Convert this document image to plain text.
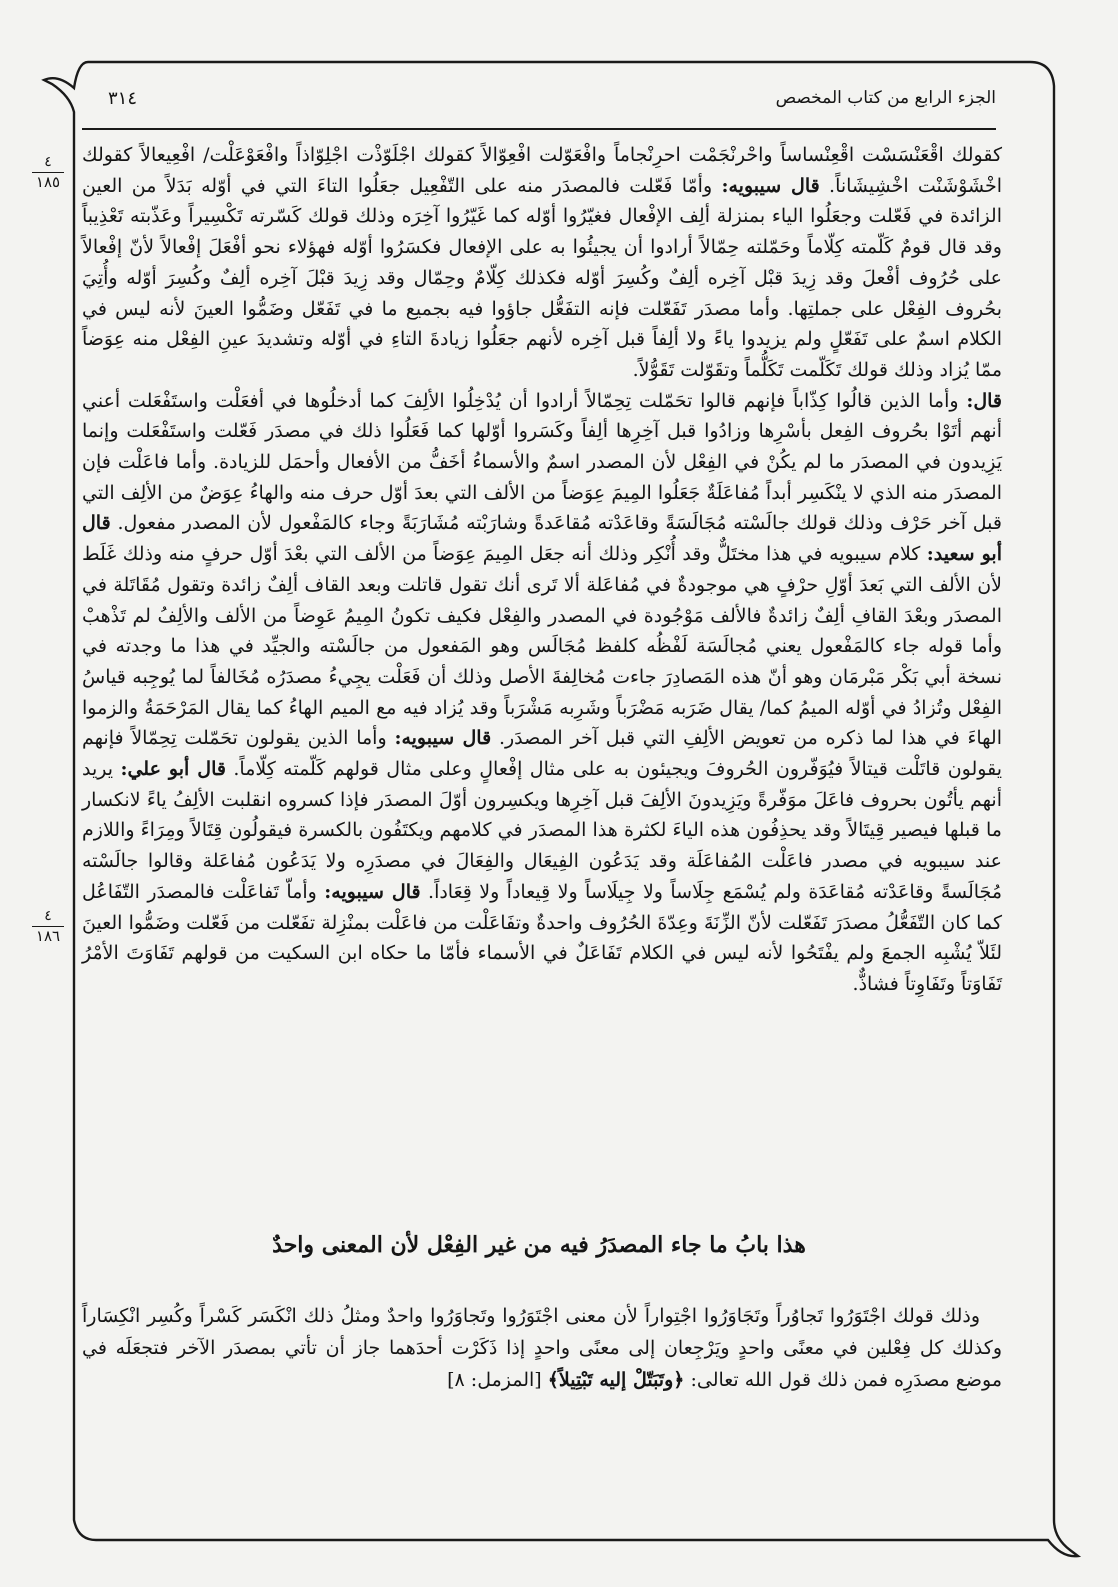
الجزء الرابع من كتاب المخصص
٣١٤
٤
١٨٥
٤
١٨٦

كقولك اقْعَنْسَسْت اقْعِنْساساً واحْرنْجَمْت احرِنْجاماً وافْعَوّلت افْعِوّالاً كقولك اجْلَوّذْت اجْلِوّاذاً وافْعَوْعَلْت/ افْعِيعالاً كقولك اخْشَوْشَنْت اخْشِيشَاناً. قال سيبويه: وأمّا فَعّلت فالمصدَر منه على التّفْعِيل جعَلُوا التاءَ التي في أوّله بَدَلاً من العين الزائدة في فَعّلت وجعَلُوا الياء بمنزلة ألِف الإفْعال فغيّرُوا أوّله كما غَيّرُوا آخِرَه وذلك قولك كَسّرته تَكْسِيراً وعَذّبته تَعْذِيباً وقد قال قومٌ كَلّمته كِلّاماً وحَمّلته حِمّالاً أرادوا أن يجيئُوا به على الإفعال فكسَرُوا أوّله فهؤلاء نحو أفْعَلَ إفْعالاً لأنّ إفْعالاً على حُرُوف أفْعلَ وقد زِيدَ قبْل آخِره ألِفٌ وكُسِرَ أوّله فكذلك كِلّامٌ وحِمّال وقد زِيدَ قبْلَ آخِره ألِفٌ وكُسِرَ أوّله وأُتِيَ بحُروف الفِعْل على جملتِها. وأما مصدَر تَفَعّلت فإنه التفَعُّل جاؤوا فيه بجميع ما في تَفَعّل وضَمُّوا العينَ لأنه ليس في الكلام اسمٌ على تَفَعّلٍ ولم يزيدوا ياءً ولا ألِفاً قبل آخِره لأنهم جعَلُوا زيادةَ التاءِ في أوّله وتشديدَ عينِ الفِعْل منه عِوَضاً ممّا يُزاد وذلك قولك تَكَلّمت تَكَلُّماً وتقَوّلت تَقَوُّلاً.

قال: وأما الذين قالُوا كِذّاباً فإنهم قالوا تحَمّلت تِحِمّالاً أرادوا أن يُدْخِلُوا الألِفَ كما أدخلُوها في أفعَلْت واستَفْعَلت أعني أنهم أتَوْا بحُروف الفِعل بأسْرِها وزادُوا قبل آخِرِها ألِفاً وكَسَروا أوّلها كما فَعَلُوا ذلك في مصدَر فَعّلت واستَفْعَلت وإنما يَزِيدون في المصدَر ما لم يكُنْ في الفِعْل لأن المصدر اسمٌ والأسماءُ أخَفُّ من الأفعال وأحمَل للزيادة. وأما فاعَلْت فإن المصدَر منه الذي لا ينْكَسِر أبداً مُفاعَلَةٌ جَعَلُوا المِيمَ عِوَضاً من الألف التي بعدَ أوّل حرف منه والهاءُ عِوَضٌ من الألِف التي قبل آخر حَرْف وذلك قولك جالَسْته مُجَالَسَةً وقاعَدْته مُقاعَدةً وشارَبْته مُشَارَبَةً وجاء كالمَفْعول لأن المصدر مفعول. قال أبو سعيد: كلام سيبويه في هذا مختَلٌّ وقد أُنْكِر وذلك أنه جعَل المِيمَ عِوَضاً من الألف التي بعْدَ أوّل حرفٍ منه وذلك غَلَط لأن الألف التي بَعدَ أوّلِ حرْفٍ هي موجودةٌ في مُفاعَلة ألا تَرى أنك تقول قاتلت وبعد القاف ألِفٌ زائدة وتقول مُقَاتَلة في المصدَر وبعْدَ القافِ ألِفٌ زائدةٌ فالألف مَوْجُودة في المصدر والفِعْل فكيف تكونُ المِيمُ عَوِضاً من الألف والألِفُ لم تَذْهبْ وأما قوله جاء كالمَفْعول يعني مُجالَسَة لَفْظُه كلفظ مُجَالَس وهو المَفعول من جالَسْته والجيِّد في هذا ما وجدته في نسخة أبي بَكْر مَبْرمَان وهو أنّ هذه المَصادِرَ جاءت مُخالِفةَ الأصل وذلك أن فَعَلْت يجِيءُ مصدَرُه مُخَالفاً لما يُوجِبه قياسُ الفِعْل وتُزادُ في أوّله الميمُ كما/ يقال ضَرَبه مَضْرَباً وشَرِبه مَشْرَباً وقد يُزاد فيه مع الميم الهاءُ كما يقال المَرْحَمَةُ والزموا الهاءَ في هذا لما ذكره من تعويض الألِفِ التي قبل آخر المصدَر. قال سيبويه: وأما الذين يقولون تحَمّلت تِحِمّالاً فإنهم يقولون قاتَلْت قيتالاً فيُوَفّرون الحُروفَ ويجيئون به على مثال إفْعالٍ وعلى مثال قولهم كَلّمته كِلّاماً. قال أبو علي: يريد أنهم يأتُون بحروف فاعَلَ موَفّرةً ويَزِيدونَ الألِفَ قبل آخِرِها ويكسِرون أوّلَ المصدَر فإذا كسروه انقلبت الألِفُ ياءً لانكسار ما قبلها فيصير قِيتَالاً وقد يحذِفُون هذه الياءَ لكثرة هذا المصدَر في كلامهم ويكتَفُون بالكسرة فيقولُون قِتَالاً ومِرَاءً واللازم عند سيبويه في مصدر فاعَلْت المُفاعَلَة وقد يَدَعُون الفِيعَال والفِعَالَ في مصدَرِه ولا يَدَعُون مُفاعَلة وقالوا جالَسْته مُجَالَسةً وقاعَدْته مُقاعَدَة ولم يُسْمَع جِلَاساً ولا جِيلَاساً ولا قِيعاداً ولا قِعَاداً. قال سيبويه: وأماّ تَفاعَلْت فالمصدَر التّفَاعُل كما كان التّفَعُّلُ مصدَرَ تَفَعّلت لأنّ الزِّنَةَ وعِدّةَ الحُرُوف واحدةٌ وتفَاعَلْت من فاعَلْت بمنْزِلة تفَعّلت من فَعّلت وضَمُّوا العينَ لئَلاّ يُشْبِه الجمعَ ولم يفْتَحُوا لأنه ليس في الكلام تَفَاعَلٌ في الأسماء فأمّا ما حكاه ابن السكيت من قولهم تَفَاوَتَ الأمْرُ تَفَاوَتاً وتَفَاوِتاً فشاذٌّ.

هذا بابُ ما جاء المصدَرُ فيه من غير الفِعْل لأن المعنى واحدٌ

وذلك قولك اجْتَوَرُوا تَجاوُراً وتَجَاوَرُوا اجْتِواراً لأن معنى اجْتَوَرُوا وتَجاوَرُوا واحدٌ ومثلُ ذلك انْكَسَر كَسْراً وكُسِر انْكِسَاراً وكذلك كل فِعْلين في معنًى واحدٍ ويَرْجِعان إلى معنًى واحدٍ إذا ذَكَرْت أحدَهما جاز أن تأتي بمصدَر الآخر فتجعَلَه في موضع مصدَرِه فمن ذلك قول الله تعالى: ﴿وتَبَتّلْ إليه تَبْتِيلاً﴾ [المزمل: ٨]
